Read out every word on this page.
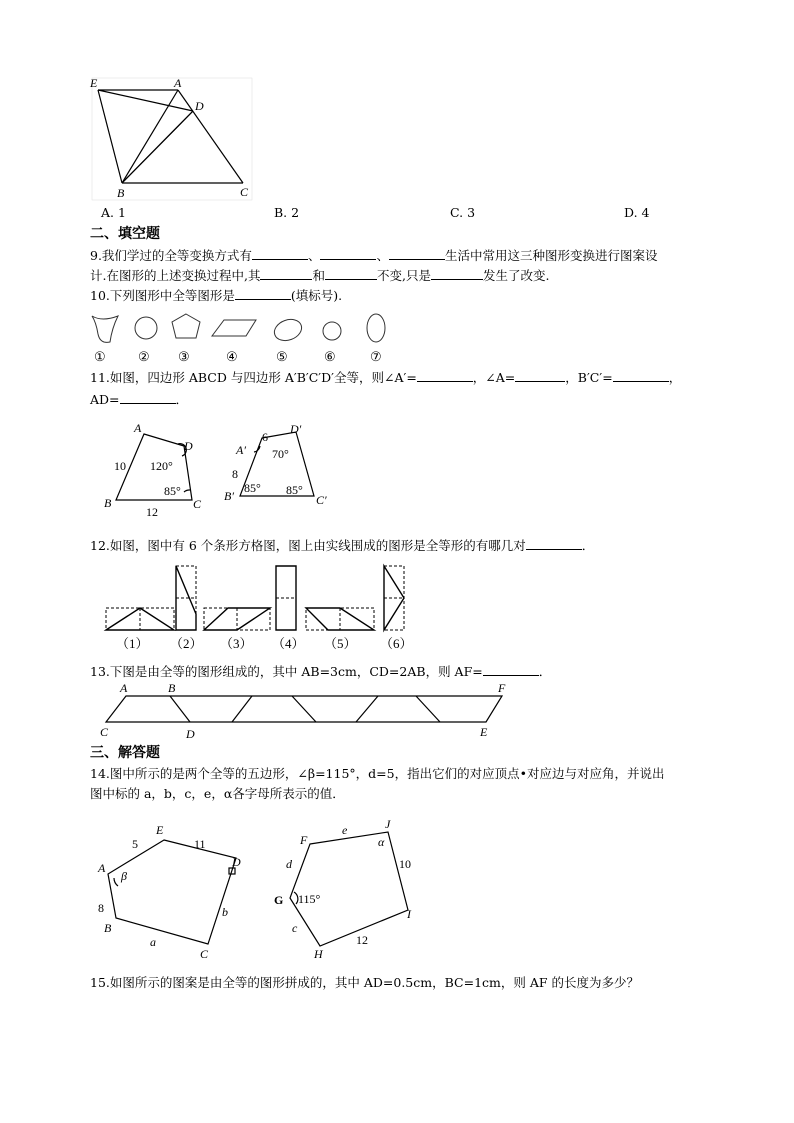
E	A
D
B	C
A. 1	B. 2	C. 3	D. 4
二、填空题
9.我们学过的全等变换方式有	、	、	生活中常用这三种图形变换进行图案设
计.在图形的上述变换过程中,其	和	不变,只是	发生了改变.
10.下列图形中全等图形是	(填标号).
① ② ③	④	⑤	⑥	⑦
11.如图，四边形 ABCD 与四边形 A′B′C′D′全等，则∠A′=	，∠A=	，B′C′=	，
AD=	．
A
D
B	C
10
12
120°
85°
A′
D′
B′	C′
6
8
70°
85° 85°
12.如图，图中有 6 个条形方格图，图上由实线围成的图形是全等形的有哪几对	．
（1） （2） （3） （4） （5） （6）
13.下图是由全等的图形组成的，其中 AB=3cm，CD=2AB，则 AF=	．
A	B	F
C	D	E
三、解答题
14.图中所示的是两个全等的五边形，∠β=115°，d=5，指出它们的对应顶点•对应边与对应角，并说出
图中标的 a，b，c，e，α各字母所表示的值．
A
E
D
B
C
5	11
8
a
b
β
F
J
G
H
I
e
d
c
α
10
12
115°
15.如图所示的图案是由全等的图形拼成的，其中 AD=0.5cm，BC=1cm，则 AF 的长度为多少？
